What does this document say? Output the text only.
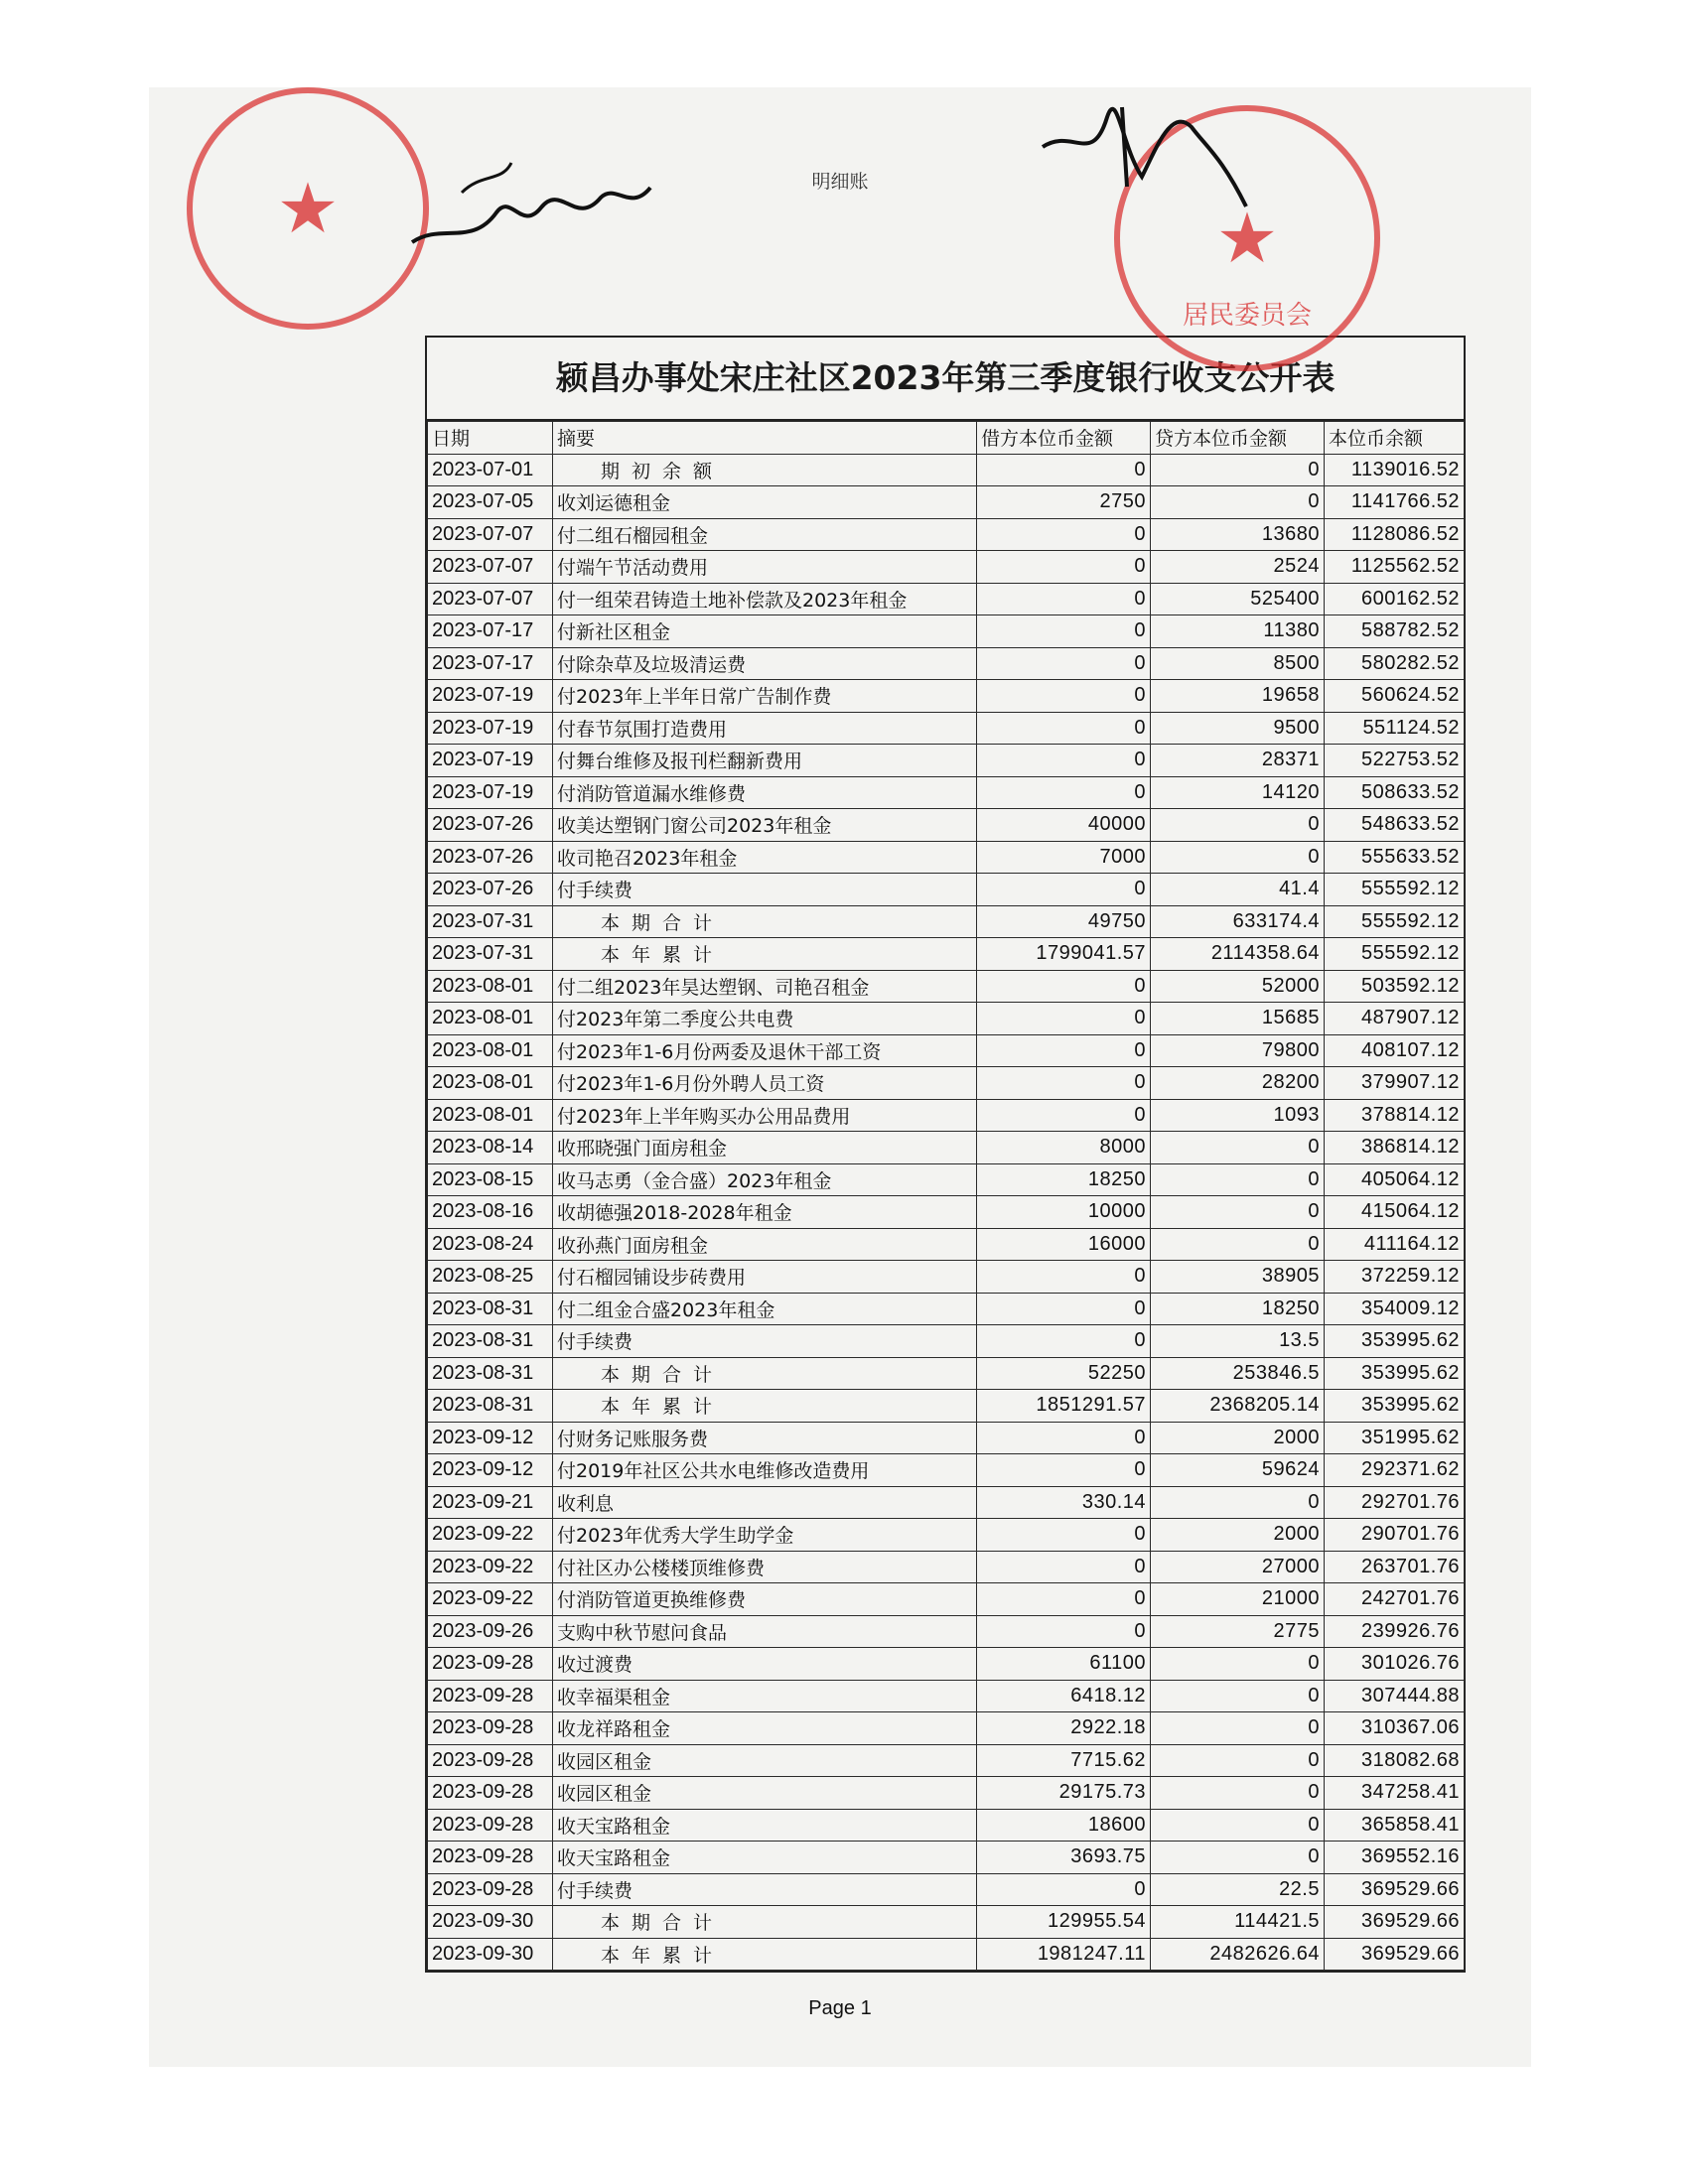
明细账
颍昌办事处宋庄社区2023年第三季度银行收支公开表
日期	摘要	借方本位币金额	贷方本位币金额	本位币余额
2023-07-01	期初余额	0	0	1139016.52
2023-07-05	收刘运德租金	2750	0	1141766.52
2023-07-07	付二组石榴园租金	0	13680	1128086.52
2023-07-07	付端午节活动费用	0	2524	1125562.52
2023-07-07	付一组荣君铸造土地补偿款及2023年租金	0	525400	600162.52
2023-07-17	付新社区租金	0	11380	588782.52
2023-07-17	付除杂草及垃圾清运费	0	8500	580282.52
2023-07-19	付2023年上半年日常广告制作费	0	19658	560624.52
2023-07-19	付春节氛围打造费用	0	9500	551124.52
2023-07-19	付舞台维修及报刊栏翻新费用	0	28371	522753.52
2023-07-19	付消防管道漏水维修费	0	14120	508633.52
2023-07-26	收美达塑钢门窗公司2023年租金	40000	0	548633.52
2023-07-26	收司艳召2023年租金	7000	0	555633.52
2023-07-26	付手续费	0	41.4	555592.12
2023-07-31	本期合计	49750	633174.4	555592.12
2023-07-31	本年累计	1799041.57	2114358.64	555592.12
2023-08-01	付二组2023年昊达塑钢、司艳召租金	0	52000	503592.12
2023-08-01	付2023年第二季度公共电费	0	15685	487907.12
2023-08-01	付2023年1-6月份两委及退休干部工资	0	79800	408107.12
2023-08-01	付2023年1-6月份外聘人员工资	0	28200	379907.12
2023-08-01	付2023年上半年购买办公用品费用	0	1093	378814.12
2023-08-14	收邢晓强门面房租金	8000	0	386814.12
2023-08-15	收马志勇（金合盛）2023年租金	18250	0	405064.12
2023-08-16	收胡德强2018-2028年租金	10000	0	415064.12
2023-08-24	收孙燕门面房租金	16000	0	411164.12
2023-08-25	付石榴园铺设步砖费用	0	38905	372259.12
2023-08-31	付二组金合盛2023年租金	0	18250	354009.12
2023-08-31	付手续费	0	13.5	353995.62
2023-08-31	本期合计	52250	253846.5	353995.62
2023-08-31	本年累计	1851291.57	2368205.14	353995.62
2023-09-12	付财务记账服务费	0	2000	351995.62
2023-09-12	付2019年社区公共水电维修改造费用	0	59624	292371.62
2023-09-21	收利息	330.14	0	292701.76
2023-09-22	付2023年优秀大学生助学金	0	2000	290701.76
2023-09-22	付社区办公楼楼顶维修费	0	27000	263701.76
2023-09-22	付消防管道更换维修费	0	21000	242701.76
2023-09-26	支购中秋节慰问食品	0	2775	239926.76
2023-09-28	收过渡费	61100	0	301026.76
2023-09-28	收幸福渠租金	6418.12	0	307444.88
2023-09-28	收龙祥路租金	2922.18	0	310367.06
2023-09-28	收园区租金	7715.62	0	318082.68
2023-09-28	收园区租金	29175.73	0	347258.41
2023-09-28	收天宝路租金	18600	0	365858.41
2023-09-28	收天宝路租金	3693.75	0	369552.16
2023-09-28	付手续费	0	22.5	369529.66
2023-09-30	本期合计	129955.54	114421.5	369529.66
2023-09-30	本年累计	1981247.11	2482626.64	369529.66
Page 1
★	★
居民委员会
